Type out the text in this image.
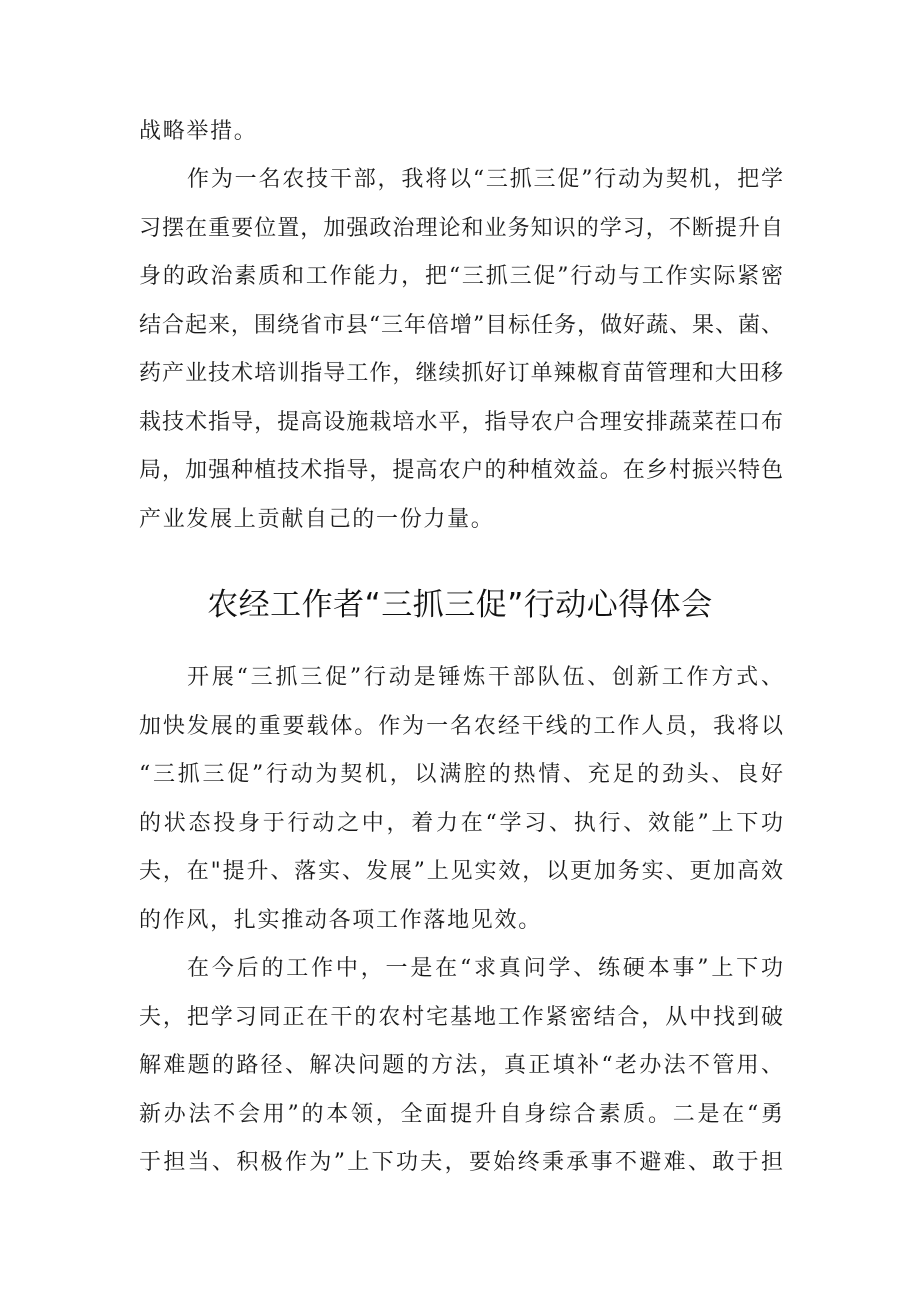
战略举措。

作为一名农技干部，我将以“三抓三促”行动为契机，把学

习摆在重要位置，加强政治理论和业务知识的学习，不断提升自

身的政治素质和工作能力，把“三抓三促”行动与工作实际紧密

结合起来，围绕省市县“三年倍增”目标任务，做好蔬、果、菌、

药产业技术培训指导工作，继续抓好订单辣椒育苗管理和大田移

栽技术指导，提高设施栽培水平，指导农户合理安排蔬菜茬口布

局，加强种植技术指导，提高农户的种植效益。在乡村振兴特色

产业发展上贡献自己的一份力量。

农经工作者“三抓三促”行动心得体会

开展“三抓三促”行动是锤炼干部队伍、创新工作方式、

加快发展的重要载体。作为一名农经干线的工作人员，我将以

“三抓三促”行动为契机，以满腔的热情、充足的劲头、良好

的状态投身于行动之中，着力在“学习、执行、效能”上下功

夫，在"提升、落实、发展”上见实效，以更加务实、更加高效

的作风，扎实推动各项工作落地见效。

在今后的工作中，一是在“求真问学、练硬本事”上下功

夫，把学习同正在干的农村宅基地工作紧密结合，从中找到破

解难题的路径、解决问题的方法，真正填补“老办法不管用、

新办法不会用”的本领，全面提升自身综合素质。二是在“勇

于担当、积极作为”上下功夫，要始终秉承事不避难、敢于担
